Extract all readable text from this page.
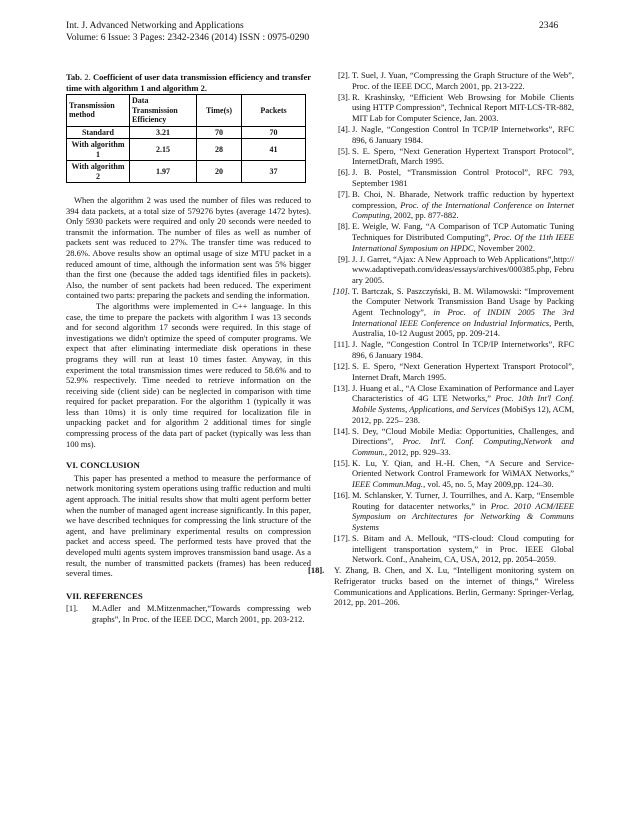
Int. J. Advanced Networking and Applications
Volume: 6 Issue: 3 Pages: 2342-2346 (2014) ISSN : 0975-0290
2346
Tab. 2. Coefficient of user data transmission efficiency and transfer time with algorithm 1 and algorithm 2.
Transmission method	Data Transmission Efficiency	Time(s)	Packets
Standard	3.21	70	70
With algorithm 1	2.15	28	41
With algorithm 2	1.97	20	37

When the algorithm 2 was used the number of files was reduced to 394 data packets, at a total size of 579276 bytes (average 1472 bytes). Only 5930 packets were required and only 20 seconds were needed to transmit the information. The number of files as well as number of packets sent was reduced to 27%. The transfer time was reduced to 28.6%. Above results show an optimal usage of size MTU packet in a reduced amount of time, although the information sent was 5% bigger than the first one (because the added tags identified files in packets). Also, the number of sent packets had been reduced. The experiment contained two parts: preparing the packets and sending the information.

The algorithms were implemented in C++ language. In this case, the time to prepare the packets with algorithm I was 13 seconds and for second algorithm 17 seconds were required. In this stage of investigations we didn't optimize the speed of computer programs. We expect that after eliminating intermediate disk operations in these programs they will run at least 10 times faster. Anyway, in this experiment the total transmission times were reduced to 58.6% and to 52.9% respectively. Time needed to retrieve information on the receiving side (client side) can be neglected in comparison with time required for packet preparation. For the algorithm 1 (typically it was less than 10ms) it is only time required for localization file in unpacking packet and for algorithm 2 additional times for single compressing process of the data part of packet (typically was less than 100 ms).

VI. CONCLUSION

This paper has presented a method to measure the performance of network monitoring system operations using traffic reduction and multi agent approach. The initial results show that multi agent perform better when the number of managed agent increase significantly. In this paper, we have described techniques for compressing the link structure of the agent, and have preliminary experimental results on compression packet and access speed. The performed tests have proved that the developed multi agents system improves transmission band usage. As a result, the number of transmitted packets (frames) has been reduced several times.

VII. REFERENCES
[1]. M.Adler and M.Mitzenmacher,“Towards compressing web graphs”, In Proc. of the IEEE DCC, March 2001, pp. 203-212.
[2]. T. Suel, J. Yuan, “Compressing the Graph Structure of the Web”, Proc. of the IEEE DCC, March 2001, pp. 213-222.
[3]. R. Krashinsky, “Efficient Web Browsing for Mobile Clients using HTTP Compression”, Technical Report MIT-LCS-TR-882, MIT Lab for Computer Science, Jan. 2003.
[4]. J. Nagle, “Congestion Control In TCP/IP Internetworks”, RFC 896, 6 January 1984.
[5]. S. E. Spero, “Next Generation Hypertext Transport Protocol”, InternetDraft, March 1995.
[6]. J. B. Postel, “Transmission Control Protocol”, RFC 793, September 1981
[7]. B. Choi, N. Bharade, Network traffic reduction by hypertext compression, Proc. of the International Conference on Internet Computing, 2002, pp. 877-882.
[8]. E. Weigle, W. Fang, “A Comparison of TCP Automatic Tuning Techniques for Distributed Computing”, Proc. Of the 11th IEEE International Symposium on HPDC, November 2002.
[9]. J. J. Garret, “Ajax: A New Approach to Web Applications”,http://www.adaptivepath.com/ideas/essays/archives/000385.php, February 2005.
[10]. T. Bartczak, S. Paszczyński, B. M. Wilamowski: “Improvement the Computer Network Transmission Band Usage by Packing Agent Technology”, in Proc. of INDIN 2005 The 3rd International IEEE Conference on Industrial Informatics, Perth, Australia, 10-12 August 2005, pp. 209-214.
[11]. J. Nagle, “Congestion Control In TCP/IP Internetworks”, RFC 896, 6 January 1984.
[12]. S. E. Spero, “Next Generation Hypertext Transport Protocol”, Internet Draft, March 1995.
[13]. J. Huang et al., “A Close Examination of Performance and Layer Characteristics of 4G LTE Networks,” Proc. 10th Int'l Conf. Mobile Systems, Applications, and Services (MobiSys 12), ACM, 2012, pp. 225– 238.
[14]. S. Dey, “Cloud Mobile Media: Opportunities, Challenges, and Directions”, Proc. Int'l. Conf. Computing,Network and Commun., 2012, pp. 929–33.
[15]. K. Lu, Y. Qian, and H.-H. Chen, “A Secure and Service- Oriented Network Control Framework for WiMAX Networks,” IEEE Commun.Mag., vol. 45, no. 5, May 2009,pp. 124–30.
[16]. M. Schlansker, Y. Turner, J. Tourrilhes, and A. Karp, “Ensemble Routing for datacenter networks,” in Proc. 2010 ACM/IEEE Symposium on Architectures for Networking & Communs Systems
[17]. S. Bitam and A. Mellouk, “ITS-cloud: Cloud computing for intelligent transportation system,” in Proc. IEEE Global Network. Conf., Anaheim, CA, USA, 2012, pp. 2054–2059.
[18]. Y. Zhang, B. Chen, and X. Lu, “Intelligent monitoring system on Refrigerator trucks based on the internet of things,” Wireless Communications and Applications. Berlin, Germany: Springer-Verlag, 2012, pp. 201–206.
